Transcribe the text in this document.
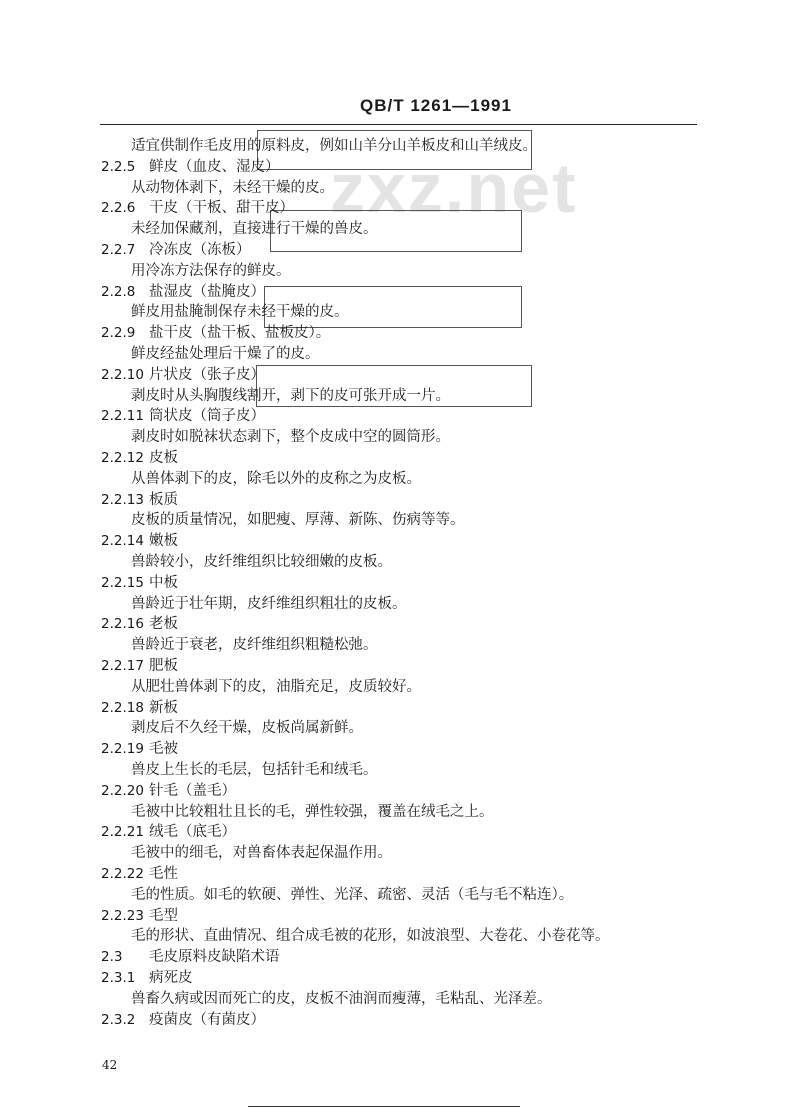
QB/T 1261—1991
zxz.net
适宜供制作毛皮用的原料皮，例如山羊分山羊板皮和山羊绒皮。
2.2.5 鲜皮（血皮、湿皮）
从动物体剥下，未经干燥的皮。
2.2.6 干皮（干板、甜干皮）
未经加保藏剂，直接进行干燥的兽皮。
2.2.7 冷冻皮（冻板）
用冷冻方法保存的鲜皮。
2.2.8 盐湿皮（盐腌皮）
鲜皮用盐腌制保存未经干燥的皮。
2.2.9 盐干皮（盐干板、盐板皮）。
鲜皮经盐处理后干燥了的皮。
2.2.10 片状皮（张子皮）
剥皮时从头胸腹线割开，剥下的皮可张开成一片。
2.2.11 筒状皮（筒子皮）
剥皮时如脱袜状态剥下，整个皮成中空的圆筒形。
2.2.12 皮板
从兽体剥下的皮，除毛以外的皮称之为皮板。
2.2.13 板质
皮板的质量情况，如肥瘦、厚薄、新陈、伤病等等。
2.2.14 嫩板
兽龄较小，皮纤维组织比较细嫩的皮板。
2.2.15 中板
兽龄近于壮年期，皮纤维组织粗壮的皮板。
2.2.16 老板
兽龄近于衰老，皮纤维组织粗糙松弛。
2.2.17 肥板
从肥壮兽体剥下的皮，油脂充足，皮质较好。
2.2.18 新板
剥皮后不久经干燥，皮板尚属新鲜。
2.2.19 毛被
兽皮上生长的毛层，包括针毛和绒毛。
2.2.20 针毛（盖毛）
毛被中比较粗壮且长的毛，弹性较强，覆盖在绒毛之上。
2.2.21 绒毛（底毛）
毛被中的细毛，对兽畜体表起保温作用。
2.2.22 毛性
毛的性质。如毛的软硬、弹性、光泽、疏密、灵活（毛与毛不粘连）。
2.2.23 毛型
毛的形状、直曲情况、组合成毛被的花形，如波浪型、大卷花、小卷花等。
2.3 毛皮原料皮缺陷术语
2.3.1 病死皮
兽畜久病或因而死亡的皮，皮板不油润而瘦薄，毛粘乱、光泽差。
2.3.2 疫菌皮（有菌皮）
42
